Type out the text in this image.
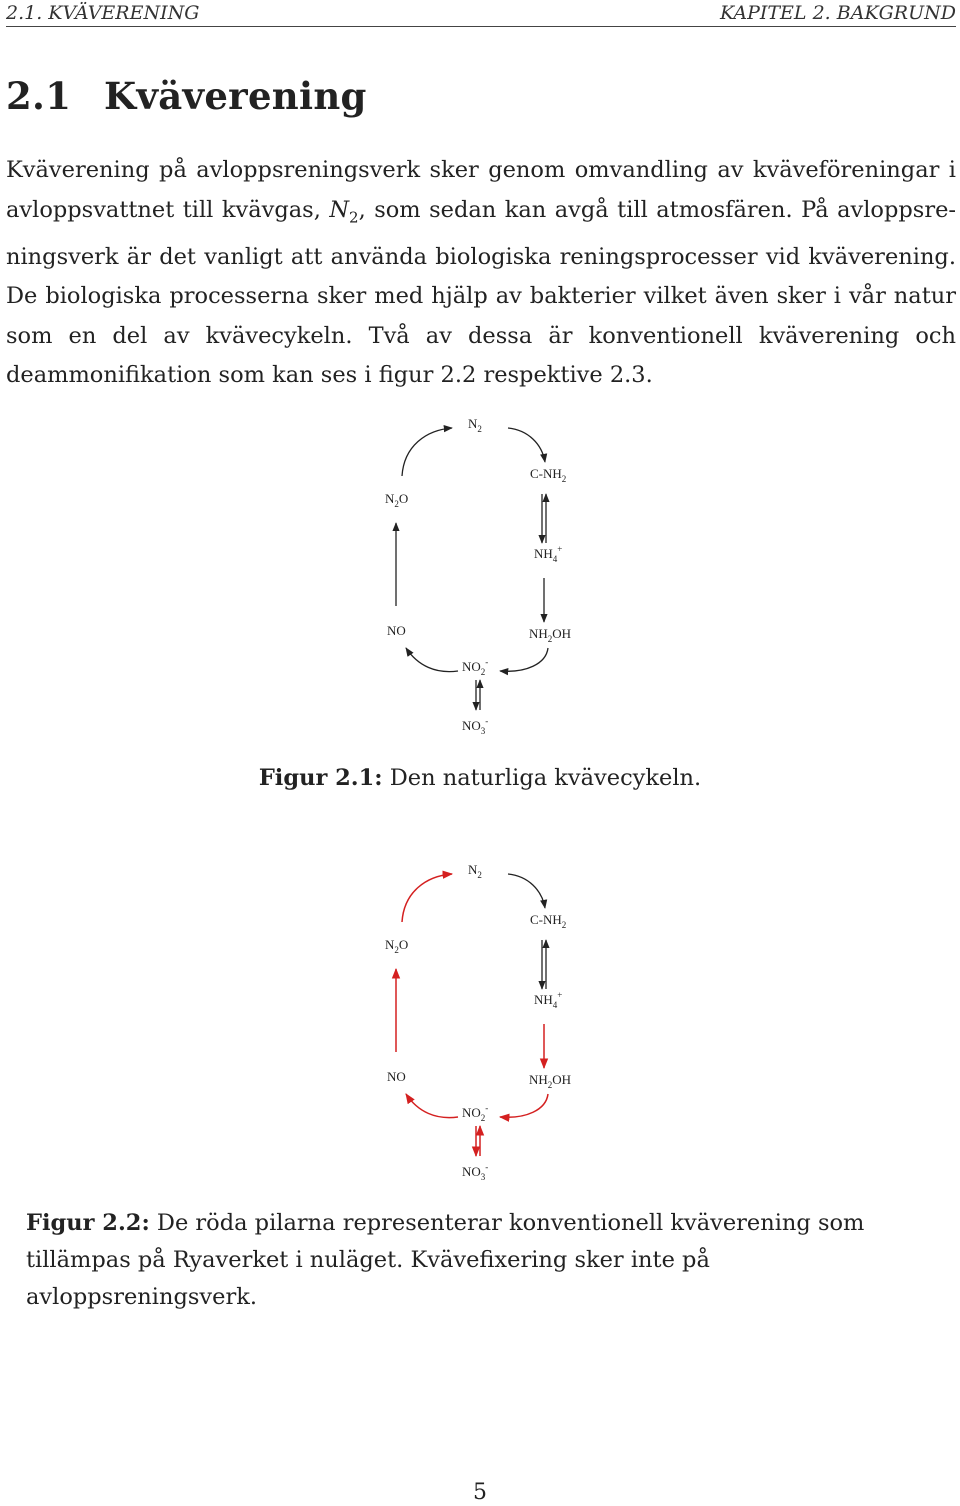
2.1. KVÄVERENING	KAPITEL 2. BAKGRUND
2.1 Kväverening

Kväverening på avloppsreningsverk sker genom omvandling av kväveföreningar i avloppsvattnet till kvävgas, $N_2$, som sedan kan avgå till atmosfären. På avloppsreningsverk är det vanligt att använda biologiska reningsprocesser vid kväverening. De biologiska processerna sker med hjälp av bakterier vilket även sker i vår natur som en del av kvävecykeln. Två av dessa är konventionell kväverening och deammonifikation som kan ses i figur 2.2 respektive 2.3.

$N_2$
$C-NH_2$
$N_2O$
$NH_4^+$
NO	$NH_2OH$
$NO_2^-$
$NO_3^-$

Figur 2.1: Den naturliga kvävecykeln.

$N_2$
$C-NH_2$
$N_2O$
$NH_4^+$
NO	$NH_2OH$
$NO_2^-$
$NO_3^-$

Figur 2.2: De röda pilarna representerar konventionell kväverening som tillämpas på Ryaverket i nuläget. Kvävefixering sker inte på avloppsreningsverk.

5
